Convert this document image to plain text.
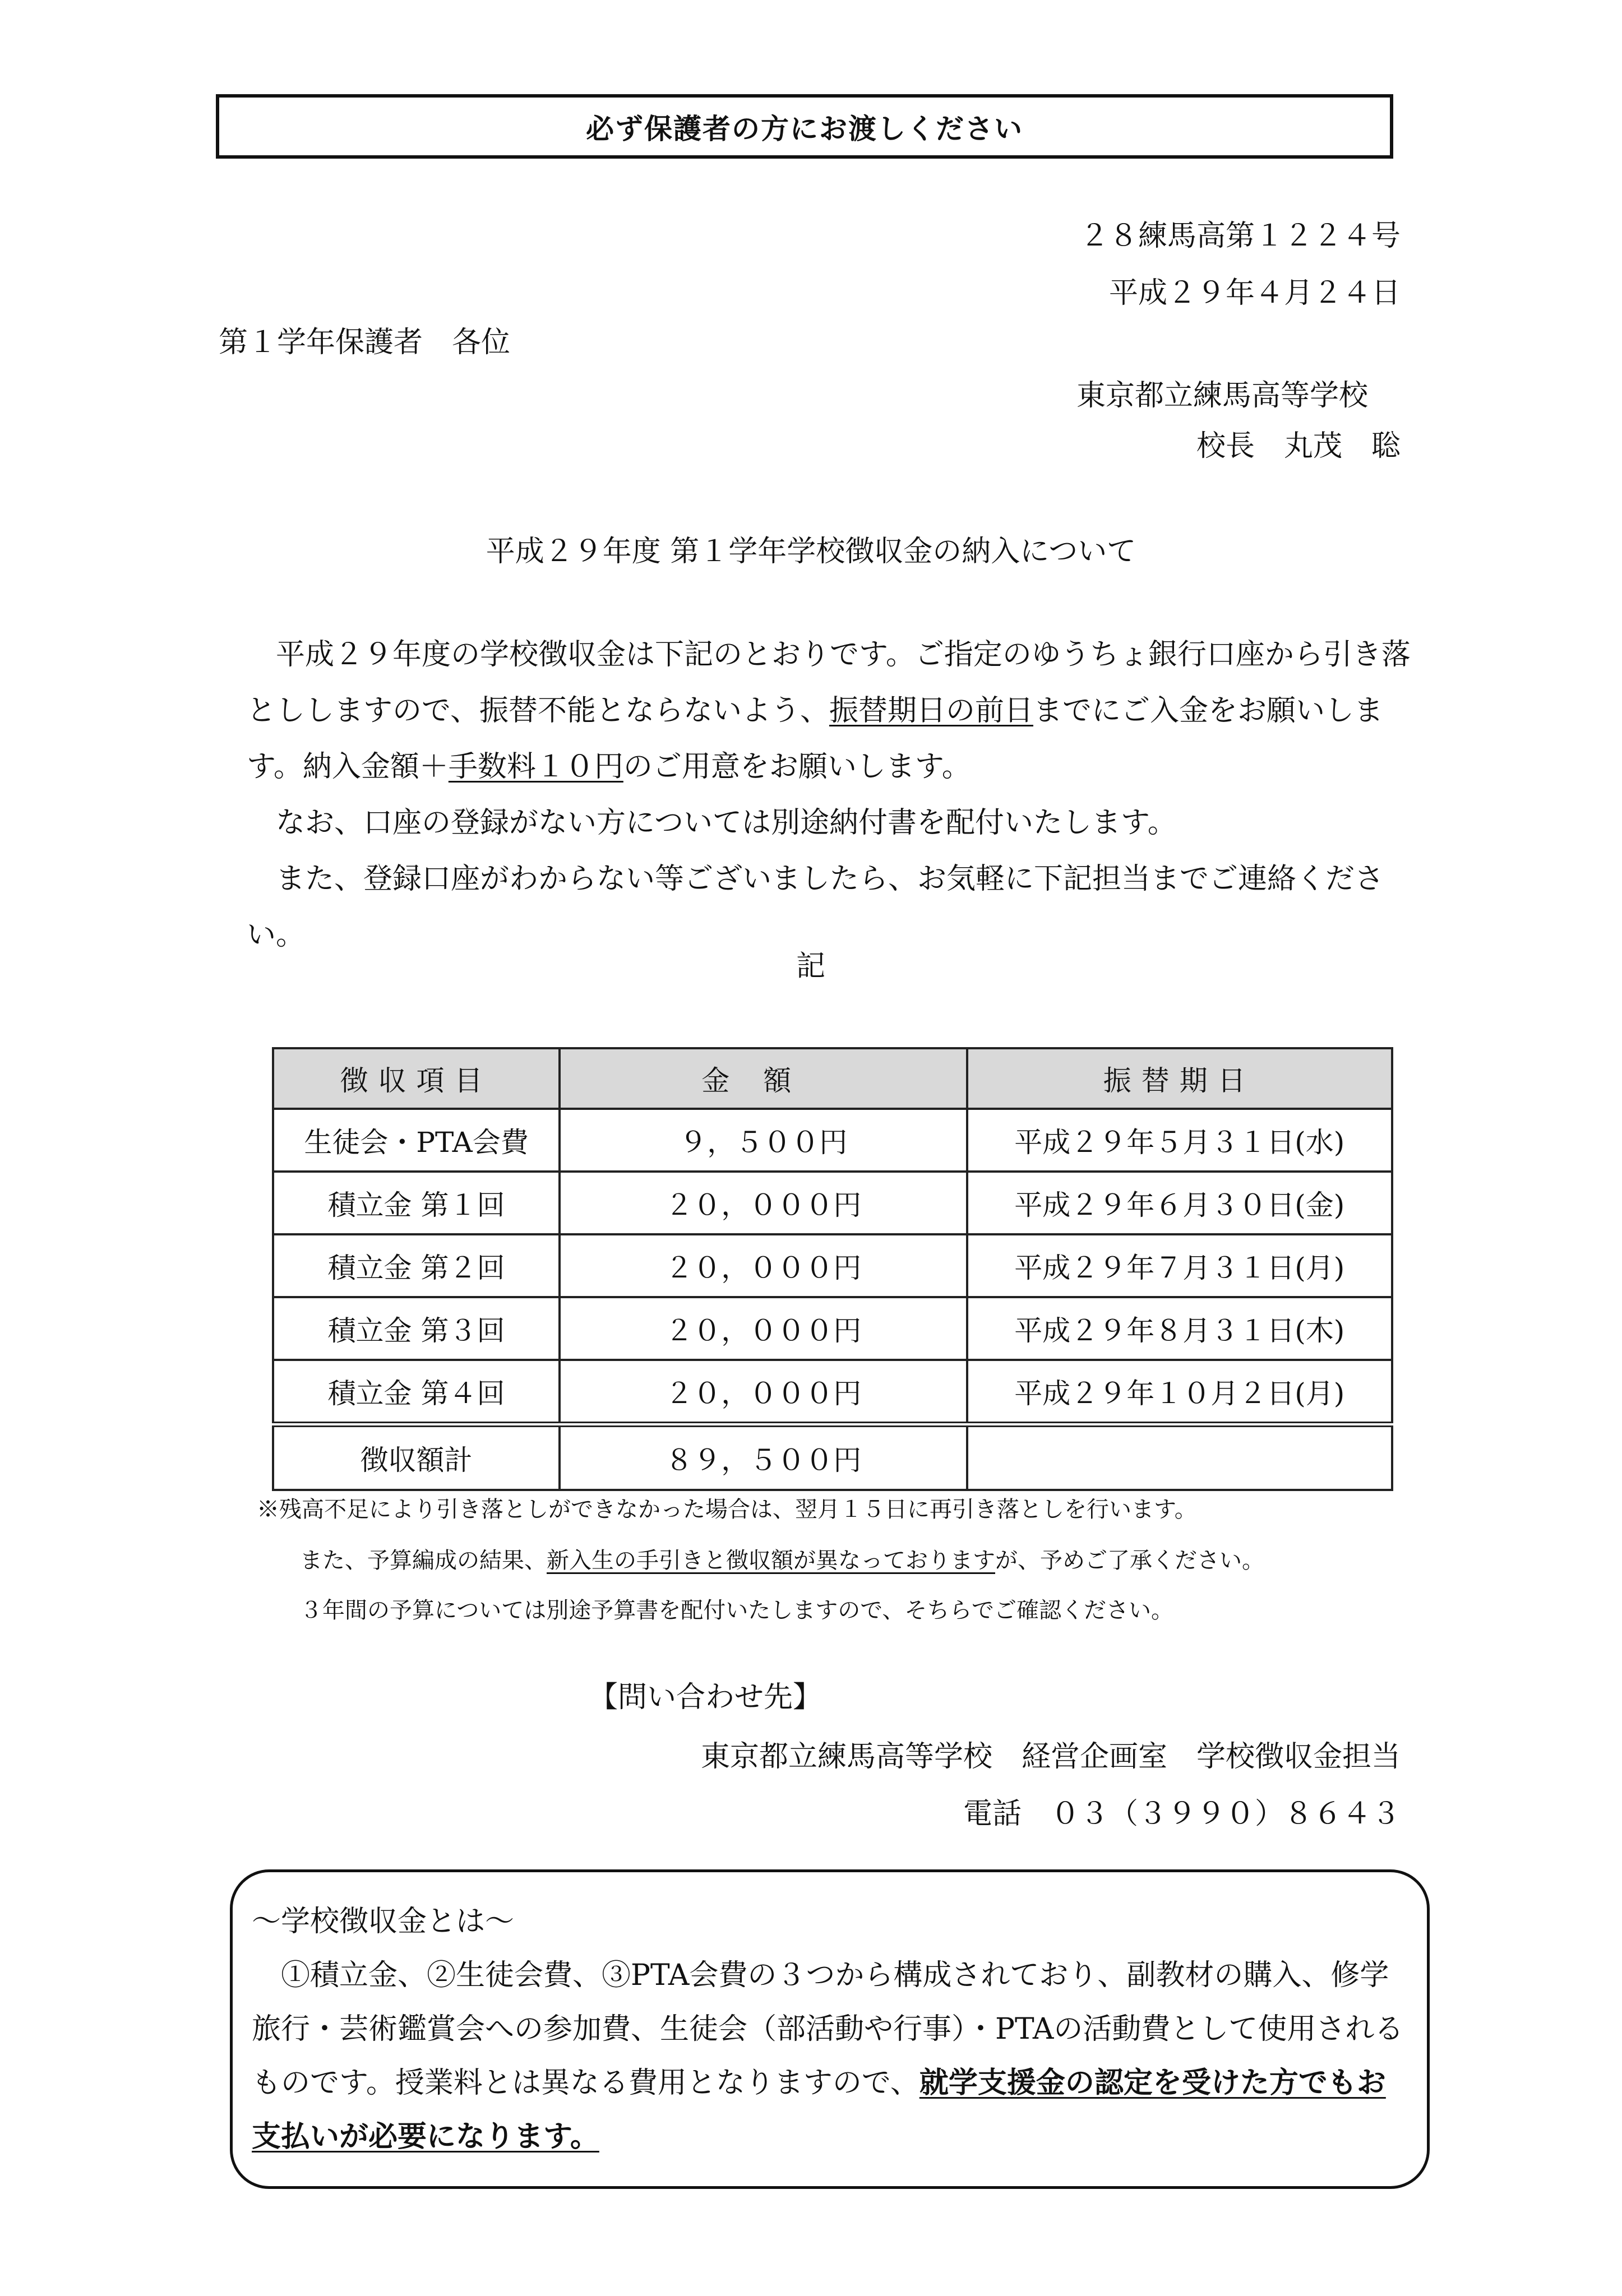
必ず保護者の方にお渡しください
２８練馬高第１２２４号
平成２９年４月２４日
第１学年保護者　各位
東京都立練馬高等学校
校長　丸茂　聡
平成２９年度 第１学年学校徴収金の納入について

　平成２９年度の学校徴収金は下記のとおりです。ご指定のゆうちょ銀行口座から引き落とししますので、振替不能とならないよう、振替期日の前日までにご入金をお願いします。納入金額＋手数料１０円のご用意をお願いします。

　なお、口座の登録がない方については別途納付書を配付いたします。

　また、登録口座がわからない等ございましたら、お気軽に下記担当までご連絡ください。

記
徴収項目	金額	振替期日
生徒会・PTA会費	９，５００円	平成２９年５月３１日(水)
積立金 第１回	２０，０００円	平成２９年６月３０日(金)
積立金 第２回	２０，０００円	平成２９年７月３１日(月)
積立金 第３回	２０，０００円	平成２９年８月３１日(木)
積立金 第４回	２０，０００円	平成２９年１０月２日(月)
徴収額計	８９，５００円	
※残高不足により引き落としができなかった場合は、翌月１５日に再引き落としを行います。
また、予算編成の結果、新入生の手引きと徴収額が異なっておりますが、予めご了承ください。
３年間の予算については別途予算書を配付いたしますので、そちらでご確認ください。
【問い合わせ先】
東京都立練馬高等学校　経営企画室　学校徴収金担当
電話　０３（３９９０）８６４３

～学校徴収金とは～

　①積立金、②生徒会費、③PTA会費の３つから構成されており、副教材の購入、修学旅行・芸術鑑賞会への参加費、生徒会（部活動や行事）・PTAの活動費として使用されるものです。授業料とは異なる費用となりますので、就学支援金の認定を受けた方でもお支払いが必要になります。
